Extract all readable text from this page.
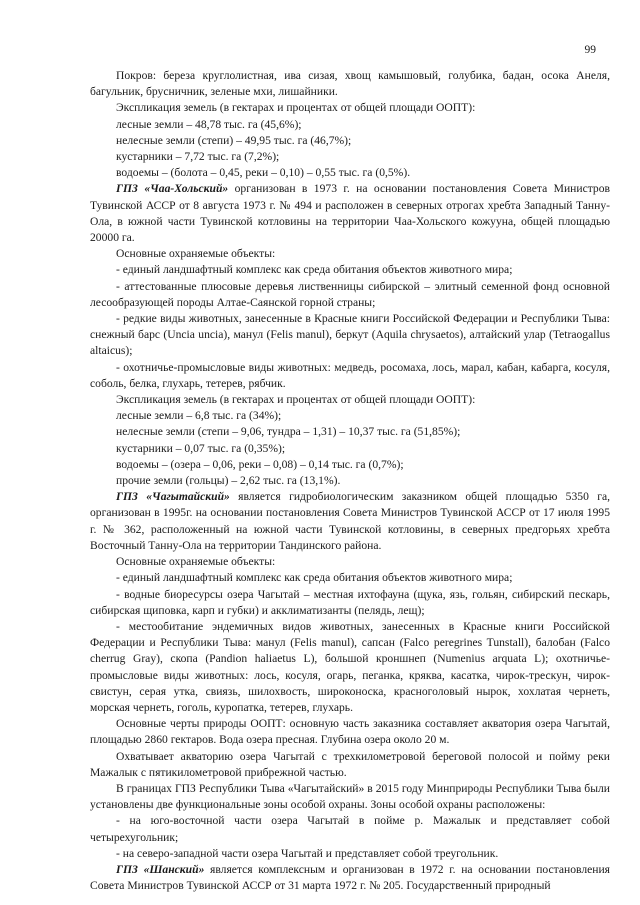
99

Покров: береза круглолистная, ива сизая, хвощ камышовый, голубика, бадан, осока Анеля, багульник, брусничник, зеленые мхи, лишайники.

Экспликация земель (в гектарах и процентах от общей площади ООПТ):

лесные земли – 48,78 тыс. га (45,6%);

нелесные земли (степи) – 49,95 тыс. га (46,7%);

кустарники – 7,72 тыс. га (7,2%);

водоемы – (болота – 0,45, реки – 0,10) – 0,55 тыс. га (0,5%).

ГПЗ «Чаа-Хольский» организован в 1973 г. на основании постановления Совета Министров Тувинской АССР от 8 августа 1973 г. № 494 и расположен в северных отрогах хребта Западный Танну-Ола, в южной части Тувинской котловины на территории Чаа-Хольского кожууна, общей площадью 20000 га.

Основные охраняемые объекты:

- единый ландшафтный комплекс как среда обитания объектов животного мира;

- аттестованные плюсовые деревья лиственницы сибирской – элитный семенной фонд основной лесообразующей породы Алтае-Саянской горной страны;

- редкие виды животных, занесенные в Красные книги Российской Федерации и Республики Тыва: снежный барс (Uncia uncia), манул (Felis manul), беркут (Aquila chrysaetos), алтайский улар (Tetraogallus altaicus);

- охотничье-промысловые виды животных: медведь, росомаха, лось, марал, кабан, кабарга, косуля, соболь, белка, глухарь, тетерев, рябчик.

Экспликация земель (в гектарах и процентах от общей площади ООПТ):

лесные земли – 6,8 тыс. га (34%);

нелесные земли (степи – 9,06, тундра – 1,31) – 10,37 тыс. га (51,85%);

кустарники – 0,07 тыс. га (0,35%);

водоемы – (озера – 0,06, реки – 0,08) – 0,14 тыс. га (0,7%);

прочие земли (гольцы) – 2,62 тыс. га (13,1%).

ГПЗ «Чагытайский» является гидробиологическим заказником общей площадью 5350 га, организован в 1995г. на основании постановления Совета Министров Тувинской АССР от 17 июля 1995 г. № 362, расположенный на южной части Тувинской котловины, в северных предгорьях хребта Восточный Танну-Ола на территории Тандинского района.

Основные охраняемые объекты:

- единый ландшафтный комплекс как среда обитания объектов животного мира;

- водные биоресурсы озера Чагытай – местная ихтофауна (щука, язь, гольян, сибирский пескарь, сибирская щиповка, карп и губки) и акклиматизанты (пелядь, лещ);

- местообитание эндемичных видов животных, занесенных в Красные книги Российской Федерации и Республики Тыва: манул (Felis manul), сапсан (Falco peregrines Tunstall), балобан (Falco cherrug Gray), скопа (Pandion haliaetus L), большой кроншнеп (Numenius arquata L); охотничье-промысловые виды животных: лось, косуля, огарь, пеганка, кряква, касатка, чирок-трескун, чирок-свистун, серая утка, свиязь, шилохвость, широконоска, красноголовый нырок, хохлатая чернеть, морская чернеть, гоголь, куропатка, тетерев, глухарь.

Основные черты природы ООПТ: основную часть заказника составляет акватория озера Чагытай, площадью 2860 гектаров. Вода озера пресная. Глубина озера около 20 м.

Охватывает акваторию озера Чагытай с трехкилометровой береговой полосой и пойму реки Мажалык с пятикилометровой прибрежной частью.

В границах ГПЗ Республики Тыва «Чагытайский» в 2015 году Минприроды Республики Тыва были установлены две функциональные зоны особой охраны. Зоны особой охраны расположены:

- на юго-восточной части озера Чагытай в пойме р. Мажалык и представляет собой четырехугольник;

- на северо-западной части озера Чагытай и представляет собой треугольник.

ГПЗ «Шанский» является комплексным и организован в 1972 г. на основании постановления Совета Министров Тувинской АССР от 31 марта 1972 г. № 205. Государственный природный
